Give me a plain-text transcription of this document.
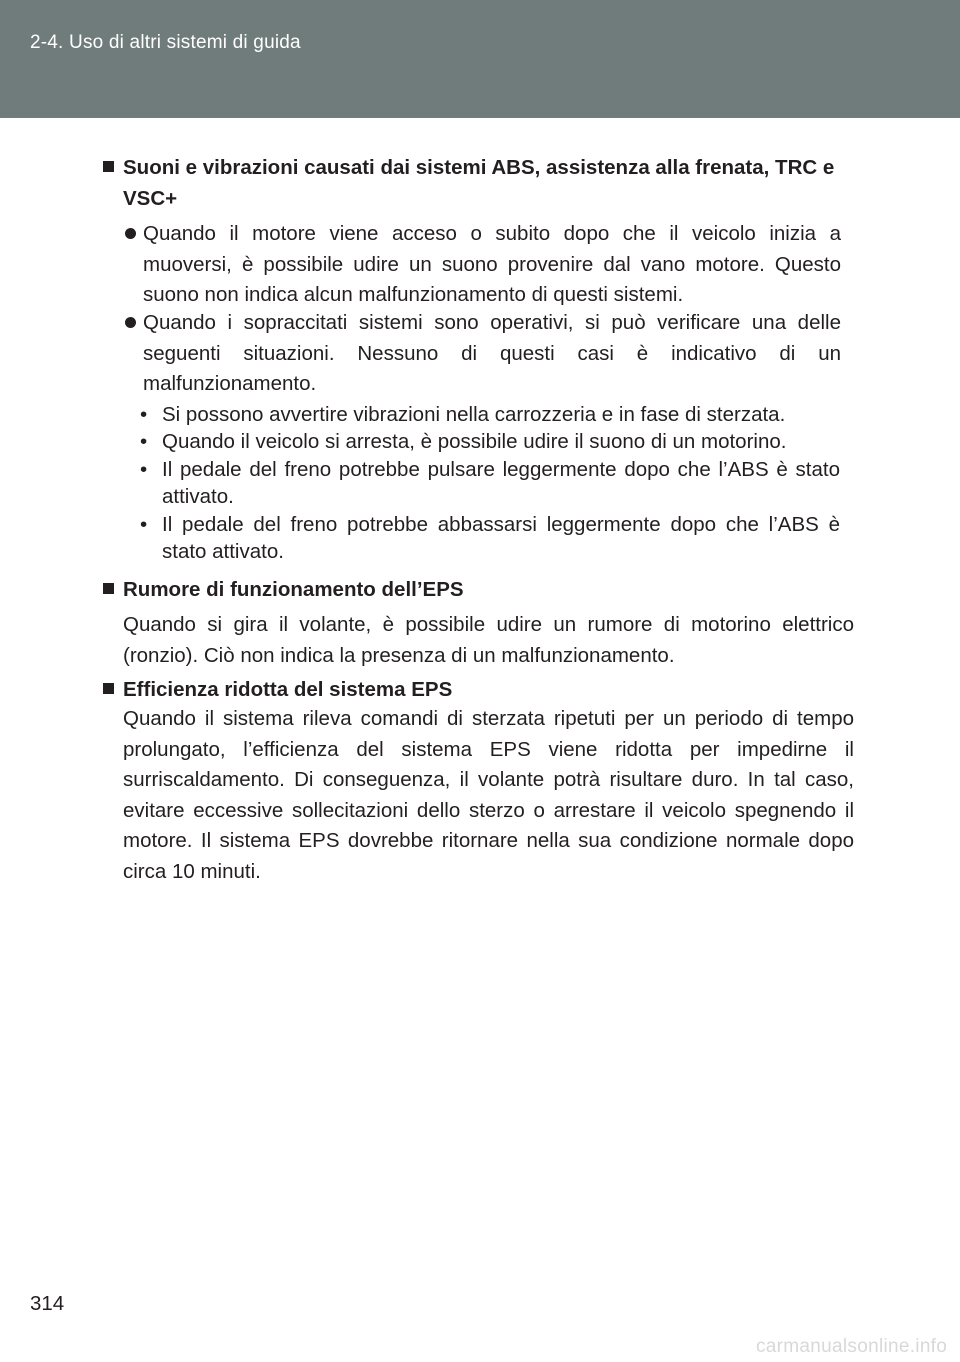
2-4. Uso di altri sistemi di guida
Suoni e vibrazioni causati dai sistemi ABS, assistenza alla frenata, TRC e VSC+
Quando il motore viene acceso o subito dopo che il veicolo inizia a muoversi, è possibile udire un suono provenire dal vano motore. Questo suono non indica alcun malfunzionamento di questi sistemi.
Quando i sopraccitati sistemi sono operativi, si può verificare una delle seguenti situazioni. Nessuno di questi casi è indicativo di un malfunzionamento.
• Si possono avvertire vibrazioni nella carrozzeria e in fase di sterzata.
• Quando il veicolo si arresta, è possibile udire il suono di un motorino.
• Il pedale del freno potrebbe pulsare leggermente dopo che l’ABS è stato attivato.
• Il pedale del freno potrebbe abbassarsi leggermente dopo che l’ABS è stato attivato.
Rumore di funzionamento dell’EPS
Quando si gira il volante, è possibile udire un rumore di motorino elettrico (ronzio). Ciò non indica la presenza di un malfunzionamento.
Efficienza ridotta del sistema EPS
Quando il sistema rileva comandi di sterzata ripetuti per un periodo di tempo prolungato, l’efficienza del sistema EPS viene ridotta per impedirne il surriscaldamento. Di conseguenza, il volante potrà risultare duro. In tal caso, evitare eccessive sollecitazioni dello sterzo o arrestare il veicolo spegnendo il motore. Il sistema EPS dovrebbe ritornare nella sua condizione normale dopo circa 10 minuti.
314
carmanualsonline.info
